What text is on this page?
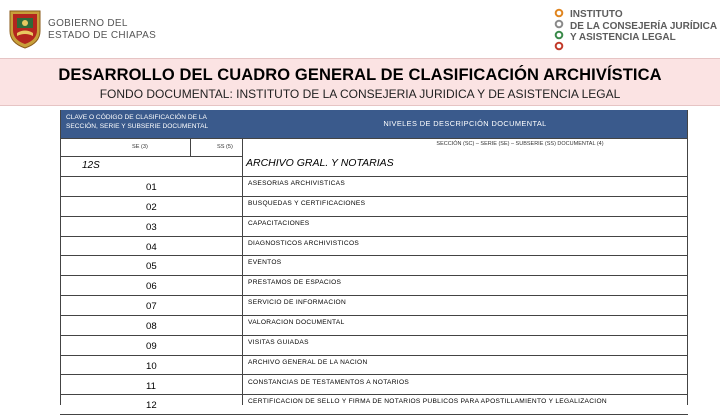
GOBIERNO DEL
ESTADO DE CHIAPAS
INSTITUTO
DE LA CONSEJERÍA JURÍDICA
Y ASISTENCIA LEGAL
DESARROLLO DEL CUADRO GENERAL DE CLASIFICACIÓN ARCHIVÍSTICA
FONDO DOCUMENTAL: INSTITUTO DE LA CONSEJERIA JURIDICA Y DE ASISTENCIA LEGAL
CLAVE O CÓDIGO DE CLASIFICACIÓN DE LA SECCIÓN, SERIE Y SUBSERIE DOCUMENTAL	NIVELES DE DESCRIPCIÓN DOCUMENTAL
SE (3)	SS (5)	SECCIÓN (SC) – SERIE (SE) – SUBSERIE (SS) DOCUMENTAL (4)
12S	ARCHIVO GRAL. Y NOTARIAS
01	ASESORIAS ARCHIVISTICAS
02	BUSQUEDAS Y CERTIFICACIONES
03	CAPACITACIONES
04	DIAGNOSTICOS ARCHIVISTICOS
05	EVENTOS
06	PRESTAMOS DE ESPACIOS
07	SERVICIO DE INFORMACION
08	VALORACION DOCUMENTAL
09	VISITAS GUIADAS
10	ARCHIVO GENERAL DE LA NACION
11	CONSTANCIAS DE TESTAMENTOS A NOTARIOS
12	CERTIFICACION DE SELLO Y FIRMA DE NOTARIOS PUBLICOS PARA APOSTILLAMIENTO Y LEGALIZACION
